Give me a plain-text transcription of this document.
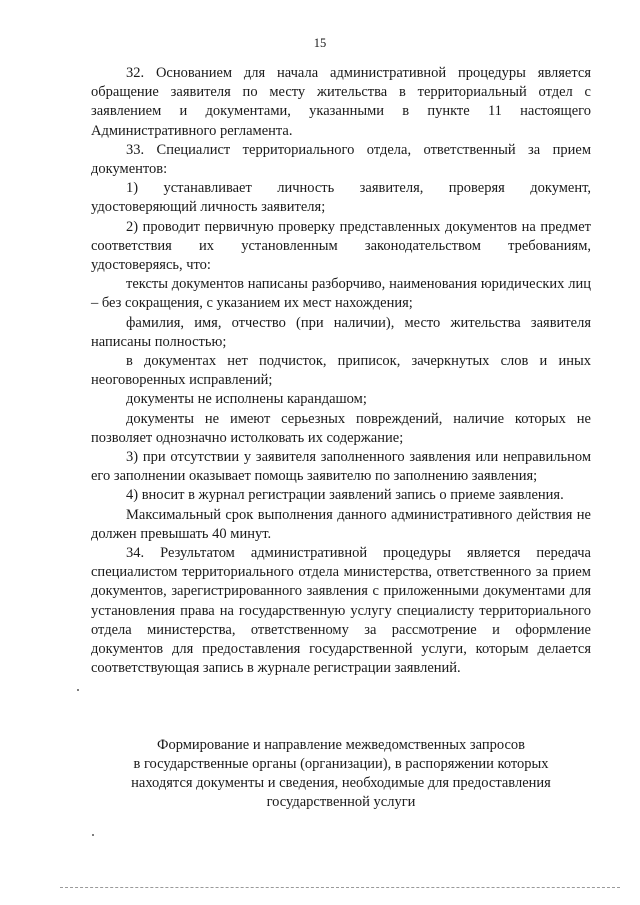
15

32. Основанием для начала административной процедуры является обращение заявителя по месту жительства в территориальный отдел с заявлением и документами, указанными в пункте 11 настоящего Административного регламента.

33. Специалист территориального отдела, ответственный за прием документов:

1) устанавливает личность заявителя, проверяя документ, удостоверяющий личность заявителя;

2) проводит первичную проверку представленных документов на предмет соответствия их установленным законодательством требованиям, удостоверяясь, что:

тексты документов написаны разборчиво, наименования юридических лиц – без сокращения, с указанием их мест нахождения;

фамилия, имя, отчество (при наличии), место жительства заявителя написаны полностью;

в документах нет подчисток, приписок, зачеркнутых слов и иных неоговоренных исправлений;

документы не исполнены карандашом;

документы не имеют серьезных повреждений, наличие которых не позволяет однозначно истолковать их содержание;

3) при отсутствии у заявителя заполненного заявления или неправильном его заполнении оказывает помощь заявителю по заполнению заявления;

4) вносит в журнал регистрации заявлений запись о приеме заявления.

Максимальный срок выполнения данного административного действия не должен превышать 40 минут.

34. Результатом административной процедуры является передача специалистом территориального отдела министерства, ответственного за прием документов, зарегистрированного заявления с приложенными документами для установления права на государственную услугу специалисту территориального отдела министерства, ответственному за рассмотрение и оформление документов для предоставления государственной услуги, которым делается соответствующая запись в журнале регистрации заявлений.

Формирование и направление межведомственных запросов
в государственные органы (организации), в распоряжении которых
находятся документы и сведения, необходимые для предоставления
государственной услуги
